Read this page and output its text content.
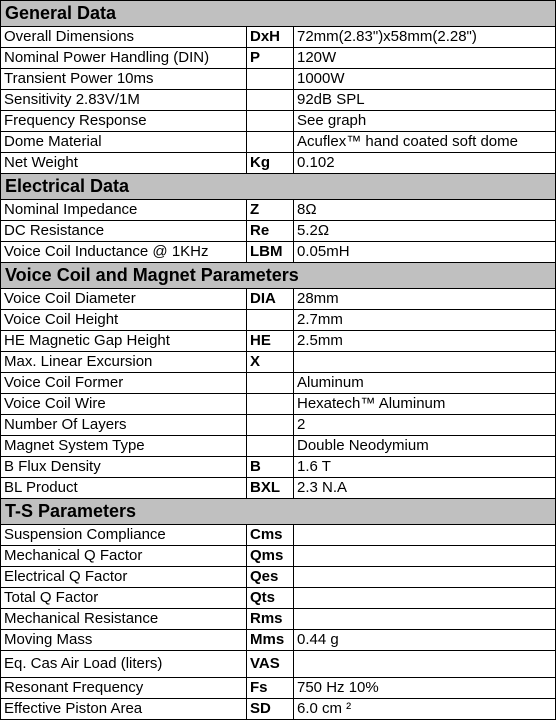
General Data		
Overall Dimensions	DxH	72mm(2.83")x58mm(2.28")
Nominal Power Handling (DIN)	P	120W
Transient Power 10ms		1000W
Sensitivity 2.83V/1M		92dB SPL
Frequency Response		See graph
Dome Material		Acuflex™ hand coated soft dome
Net Weight	Kg	0.102
Electrical Data		
Nominal Impedance	Z	8Ω
DC Resistance	Re	5.2Ω
Voice Coil Inductance @ 1KHz	LBM	0.05mH
Voice Coil and Magnet Parameters		
Voice Coil Diameter	DIA	28mm
Voice Coil Height		2.7mm
HE Magnetic Gap Height	HE	2.5mm
Max. Linear Excursion	X	
Voice Coil Former		Aluminum
Voice Coil Wire		Hexatech™ Aluminum
Number Of Layers		2
Magnet System Type		Double Neodymium
B Flux Density	B	1.6 T
BL Product	BXL	2.3 N.A
T-S Parameters		
Suspension Compliance	Cms	
Mechanical Q Factor	Qms	
Electrical Q Factor	Qes	
Total Q Factor	Qts	
Mechanical Resistance	Rms	
Moving Mass	Mms	0.44 g
Eq. Cas Air Load (liters)	VAS	
Resonant Frequency	Fs	750 Hz 10%
Effective Piston Area	SD	6.0 cm ²
